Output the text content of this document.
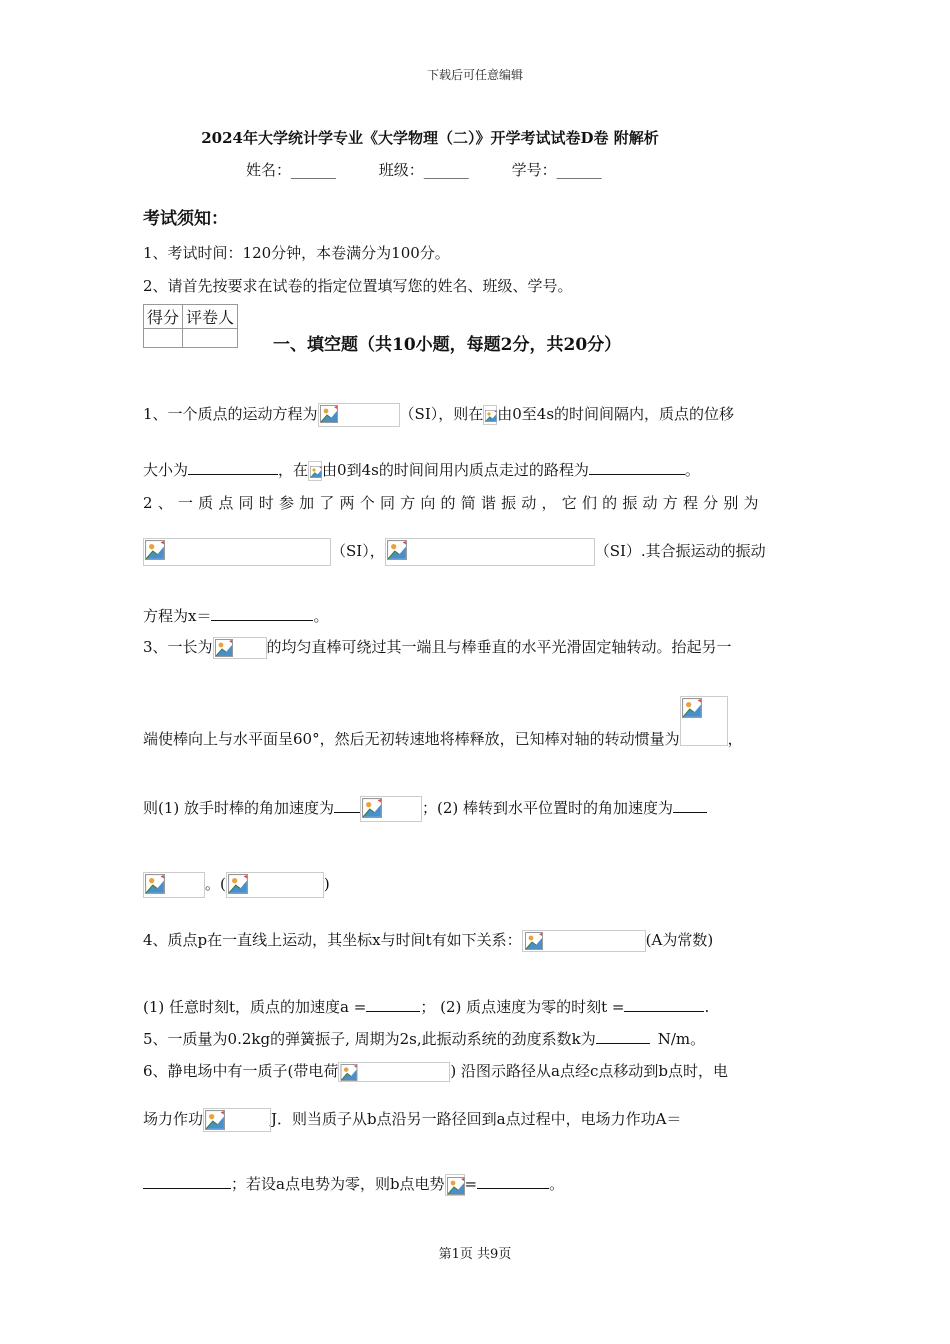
下载后可任意编辑
2024年大学统计学专业《大学物理（二）》开学考试试卷D卷 附解析
姓名：______	班级：______	学号：______
考试须知：
1、考试时间：120分钟，本卷满分为100分。
2、请首先按要求在试卷的指定位置填写您的姓名、班级、学号。
得分	评卷人

一、填空题（共10小题，每题2分，共20分）
1、一个质点的运动方程为	（SI），则在 由0至4s的时间间隔内，质点的位移
大小为	，在 由0到4s的时间间用内质点走过的路程为	。
2、一质点同时参加了两个同方向的简谐振动，它们的振动方程分别为
（SI），	（SI）.其合振运动的振动
方程为x＝	。
3、一长为	的均匀直棒可绕过其一端且与棒垂直的水平光滑固定轴转动。抬起另一
端使棒向上与水平面呈60°，然后无初转速地将棒释放，已知棒对轴的转动惯量为	，
则(1) 放手时棒的角加速度为	；(2) 棒转到水平位置时的角加速度为
。(	)
4、质点p在一直线上运动，其坐标x与时间t有如下关系：	(A为常数)
(1) 任意时刻t，质点的加速度a =	； (2) 质点速度为零的时刻t =	.
5、一质量为0.2kg的弹簧振子, 周期为2s,此振动系统的劲度系数k为	N/m。
6、静电场中有一质子(带电荷	) 沿图示路径从a点经c点移动到b点时，电
场力作功	J．则当质子从b点沿另一路径回到a点过程中，电场力作功A＝
；若设a点电势为零，则b点电势 =	。
第1页 共9页
